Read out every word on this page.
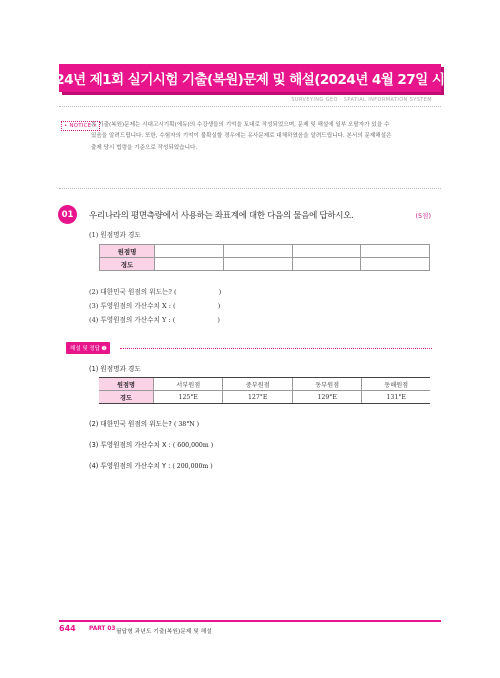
2024년 제1회 실기시험 기출(복원)문제 및 해설(2024년 4월 27일 시행)
SURVEYING GEO · SPATIAL INFORMATION SYSTEM
• NOTICE •
본 기출(복원)문제는 시대고시기획(에듀)의 수강생들의 기억을 토대로 작성되었으며, 문제 및 해설에 일부 오탈자가 있을 수
있음을 알려드립니다. 또한, 수험자의 기억이 불확실할 경우에는 유사문제로 대체하였음을 알려드립니다. 본서의 문제해설은
출제 당시 법령을 기준으로 작성되었습니다.
01	우리나라의 평면측량에서 사용하는 좌표계에 대한 다음의 물음에 답하시오.	(5점)
(1) 원점명과 경도
원점명				
경도				
(2) 대한민국 원점의 위도는? (	)
(3) 투영원점의 가산수치 X : (	)
(4) 투영원점의 가산수치 Y : (	)
해설 및 정답 ➊
(1) 원점명과 경도
원점명	서부원점	중부원점	동부원점	동해원점
경도	125°E	127°E	129°E	131°E
(2) 대한민국 원점의 위도는? ( 38°N )
(3) 투영원점의 가산수치 X : ( 600,000m )
(4) 투영원점의 가산수치 Y : ( 200,000m )
644 PART 03 필답형 과년도 기출(복원)문제 및 해설
